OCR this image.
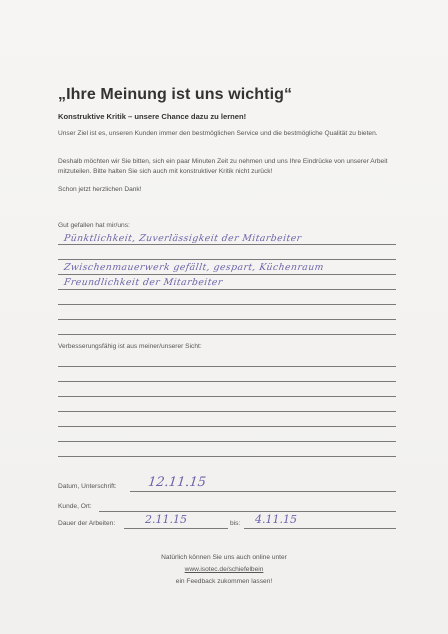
„Ihre Meinung ist uns wichtig“
Konstruktive Kritik – unsere Chance dazu zu lernen!
Unser Ziel ist es, unseren Kunden immer den bestmöglichen Service und die bestmögliche Qualität zu bieten.
Deshalb möchten wir Sie bitten, sich ein paar Minuten Zeit zu nehmen und uns Ihre Eindrücke von unserer Arbeit mitzuteilen. Bitte halten Sie sich auch mit konstruktiver Kritik nicht zurück!
Schon jetzt herzlichen Dank!
Gut gefallen hat mir/uns:
Pünktlichkeit, Zuverlässigkeit der Mitarbeiter
Zwischenmauerwerk gefällt, gespart, Küchenraum
Freundlichkeit der Mitarbeiter
Verbesserungsfähig ist aus meiner/unserer Sicht:
Datum, Unterschrift: 12.11.15
Kunde, Ort:
Dauer der Arbeiten:	bis:
2.11.15	4.11.15
Natürlich können Sie uns auch online unter
www.isotec.de/schiefelbein
ein Feedback zukommen lassen!
